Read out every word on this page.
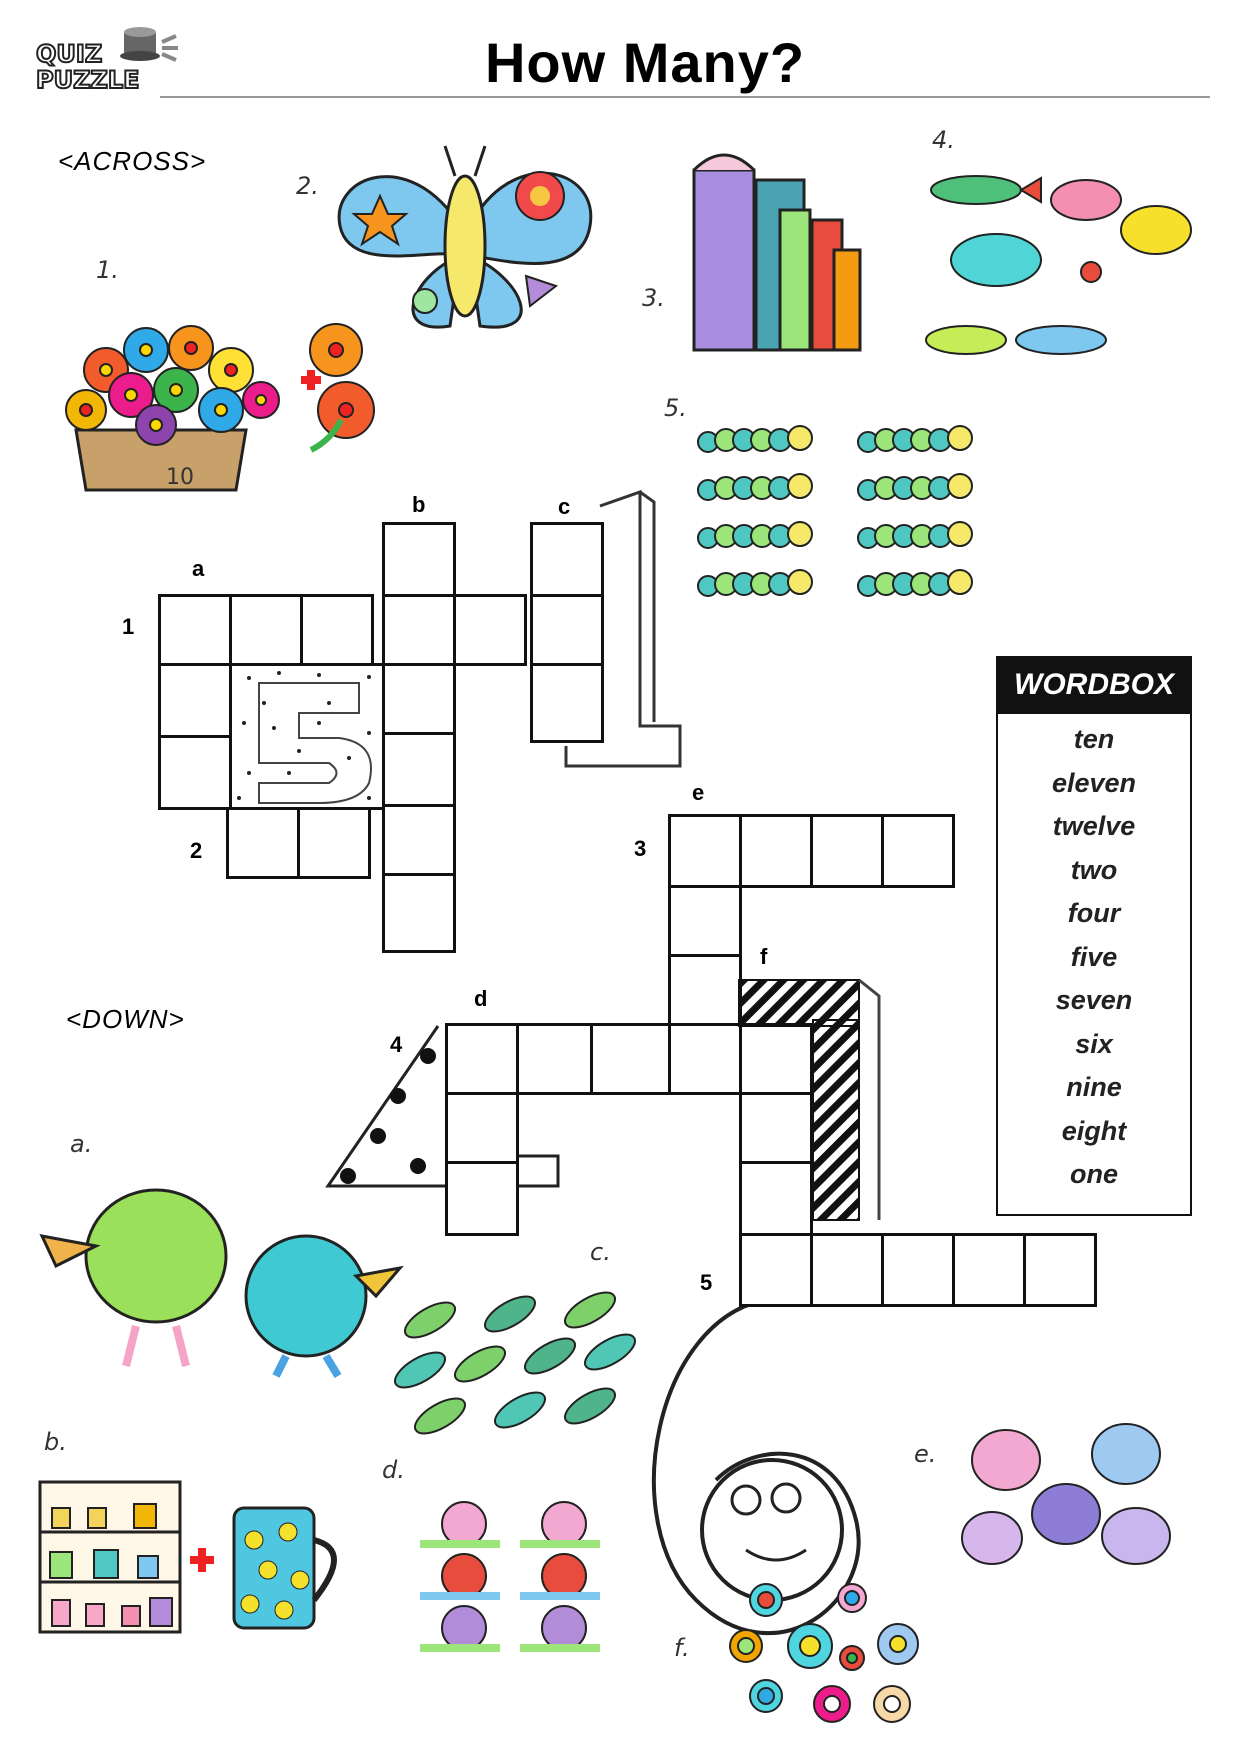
QUIZ
PUZZLE	How Many?
<ACROSS>
<DOWN>
1.
2.
3.
4.
5.
a.
b.
c.
d.
e.
f.
10
1
a
b	c
2	3
e
f
d
4
5
WORDBOX
ten
eleven
twelve
two
four
five
seven
six
nine
eight
one
